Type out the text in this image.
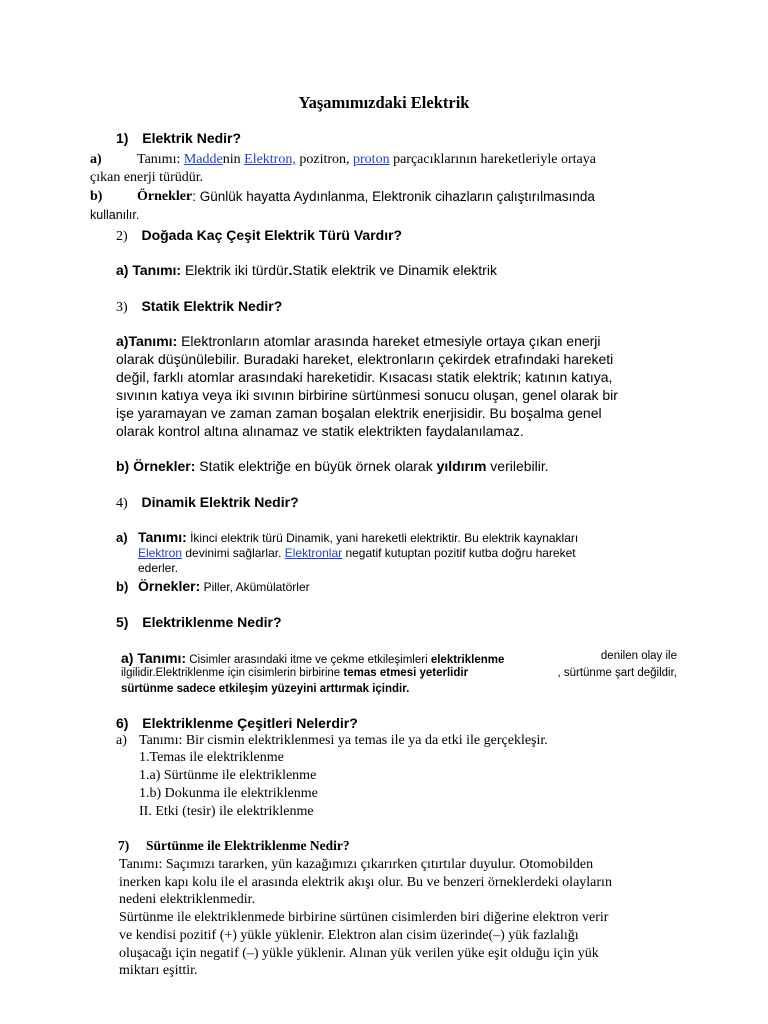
Yaşamımızdaki Elektrik
1) Elektrik Nedir?
a)	Tanımı: Maddenin Elektron, pozitron, proton parçacıklarının hareketleriyle ortaya
çıkan enerji türüdür.
b) Örnekler : Günlük hayatta Aydınlanma, Elektronik cihazların çalıştırılmasında
kullanılır.
2) Doğada Kaç Çeşit Elektrik Türü Vardır?
a) Tanımı: Elektrik iki türdür.Statik elektrik ve Dinamik elektrik
3) Statik Elektrik Nedir?
a)Tanımı: Elektronların atomlar arasında hareket etmesiyle ortaya çıkan enerji
olarak düşünülebilir. Buradaki hareket, elektronların çekirdek etrafındaki hareketi
değil, farklı atomlar arasındaki hareketidir. Kısacası statik elektrik; katının katıya,
sıvının katıya veya iki sıvının birbirine sürtünmesi sonucu oluşan, genel olarak bir
işe yaramayan ve zaman zaman boşalan elektrik enerjisidir. Bu boşalma genel
olarak kontrol altına alınamaz ve statik elektrikten faydalanılamaz.
b) Örnekler: Statik elektriğe en büyük örnek olarak yıldırım verilebilir.
4) Dinamik Elektrik Nedir?
a) Tanımı: İkinci elektrik türü Dinamik, yani hareketli elektriktir. Bu elektrik kaynakları
Elektron devinimi sağlarlar. Elektronlar negatif kutuptan pozitif kutba doğru hareket
ederler.
b) Örnekler: Piller, Akümülatörler
5) Elektriklenme Nedir?
a) Tanımı: Cisimler arasındaki itme ve çekme etkileşimleri elektriklenme	denilen olay ile
ilgilidir.Elektriklenme için cisimlerin birbirine temas etmesi yeterlidir	, sürtünme şart değildir,
sürtünme sadece etkileşim yüzeyini arttırmak içindir.
6) Elektriklenme Çeşitleri Nelerdir?
a) Tanımı: Bir cismin elektriklenmesi ya temas ile ya da etki ile gerçekleşir.
1.Temas ile elektriklenme
1.a) Sürtünme ile elektriklenme
1.b) Dokunma ile elektriklenme
II. Etki (tesir) ile elektriklenme
7) Sürtünme ile Elektriklenme Nedir?
Tanımı: Saçımızı tararken, yün kazağımızı çıkarırken çıtırtılar duyulur. Otomobilden
inerken kapı kolu ile el arasında elektrik akışı olur. Bu ve benzeri örneklerdeki olayların
nedeni elektriklenmedir.
Sürtünme ile elektriklenmede birbirine sürtünen cisimlerden biri diğerine elektron verir
ve kendisi pozitif (+) yükle yüklenir. Elektron alan cisim üzerinde(–) yük fazlalığı
oluşacağı için negatif (–) yükle yüklenir. Alınan yük verilen yüke eşit olduğu için yük
miktarı eşittir.
